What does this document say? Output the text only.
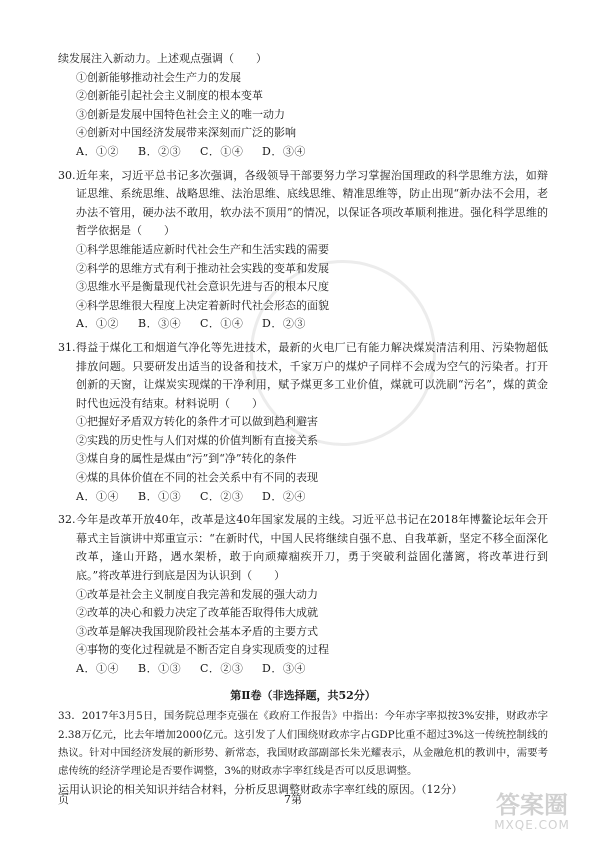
续发展注入新动力。上述观点强调（　　）

①创新能够推动社会生产力的发展

②创新能引起社会主义制度的根本变革

③创新是发展中国特色社会主义的唯一动力

④创新对中国经济发展带来深刻而广泛的影响

A．①② B．②③ C．①④ D．③④

30. 近年来，习近平总书记多次强调，各级领导干部要努力学习掌握治国理政的科学思维方法，如辩证思维、系统思维、战略思维、法治思维、底线思维、精准思维等，防止出现“新办法不会用，老办法不管用，硬办法不敢用，软办法不顶用”的情况，以保证各项改革顺利推进。强化科学思维的哲学依据是（　　）

①科学思维能适应新时代社会生产和生活实践的需要

②科学的思维方式有利于推动社会实践的变革和发展

③思维水平是衡量现代社会意识先进与否的根本尺度

④科学思维很大程度上决定着新时代社会形态的面貌

A．①② B．③④ C．①④ D．②③

31. 得益于煤化工和烟道气净化等先进技术，最新的火电厂已有能力解决煤炭清洁利用、污染物超低排放问题。只要研发出适当的设备和技术，千家万户的煤炉子同样不会成为空气的污染者。打开创新的天窗，让煤炭实现煤的干净利用，赋予煤更多工业价值，煤就可以洗刷“污名”，煤的黄金时代也远没有结束。材料说明（　　）

①把握好矛盾双方转化的条件才可以做到趋利避害

②实践的历史性与人们对煤的价值判断有直接关系

③煤自身的属性是煤由“污”到“净”转化的条件

④煤的具体价值在不同的社会关系中有不同的表现

A．①④ B．①③ C．②③ D．②④

32. 今年是改革开放40年，改革是这40年国家发展的主线。习近平总书记在2018年博鳌论坛年会开幕式主旨演讲中郑重宣示：“在新时代，中国人民将继续自强不息、自我革新，坚定不移全面深化改革，逢山开路，遇水架桥，敢于向顽瘴痼疾开刀，勇于突破利益固化藩篱，将改革进行到底。”将改革进行到底是因为认识到（　　）

①改革是社会主义制度自我完善和发展的强大动力

②改革的决心和毅力决定了改革能否取得伟大成就

③改革是解决我国现阶段社会基本矛盾的主要方式

④事物的变化过程就是不断否定自身实现质变的过程

A．①④ B．①③ C．②③ D．③④

第Ⅱ卷（非选择题，共52分）

33．2017年3月5日，国务院总理李克强在《政府工作报告》中指出：今年赤字率拟按3%安排，财政赤字2.38万亿元，比去年增加2000亿元。这引发了人们围绕财政赤字占GDP比重不超过3%这一传统控制线的热议。针对中国经济发展的新形势、新常态，我国财政部副部长朱光耀表示，从金融危机的教训中，需要考虑传统的经济学理论是否要作调整，3%的财政赤字率红线是否可以反思调整。

运用认识论的相关知识并结合材料，分析反思调整财政赤字率红线的原因。（12分）

页	7第	答案圈
MXQE.COM
